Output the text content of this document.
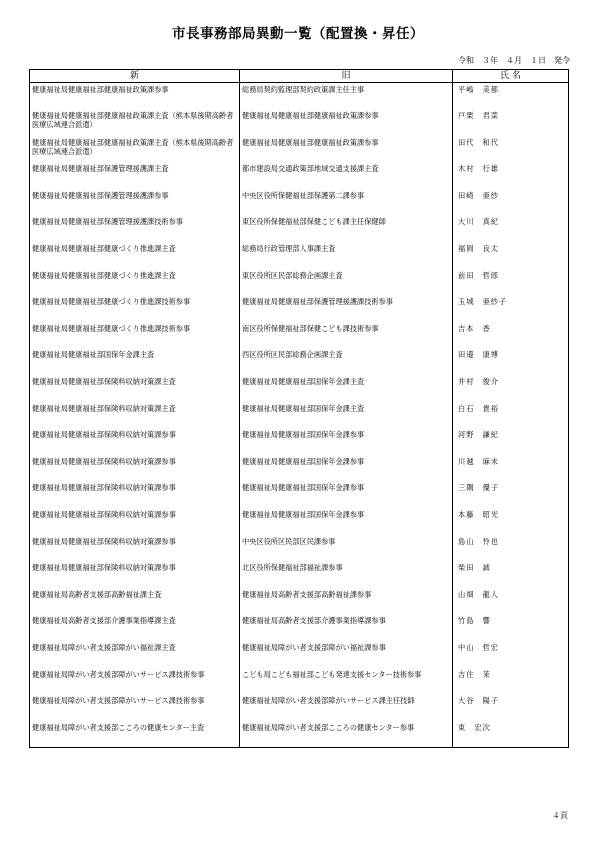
市長事務部局異動一覧（配置換・昇任）
令和　３年　４月　１日　発令
新	旧	氏 名
健康福祉局健康福祉部健康福祉政策課参事	総務局契約監理部契約政策課主任主事	平嶋　美都
健康福祉局健康福祉部健康福祉政策課主査（熊本県後期高齢者医療広域連合派遣）	健康福祉局健康福祉部健康福祉政策課参事	戸栗　君菜
健康福祉局健康福祉部健康福祉政策課主査（熊本県後期高齢者医療広域連合派遣）	健康福祉局健康福祉部健康福祉政策課参事	田代　和代
健康福祉局健康福祉部保護管理援護課主査	都市建設局交通政策部地域交通支援課主査	木村　行雄
健康福祉局健康福祉部保護管理援護課参事	中央区役所保健福祉部保護第二課参事	田崎　亜紗
健康福祉局健康福祉部保護管理援護課技術参事	東区役所保健福祉部保健こども課主任保健師	大川　真紀
健康福祉局健康福祉部健康づくり推進課主査	総務局行政管理部人事課主査	福岡　良太
健康福祉局健康福祉部健康づくり推進課主査	東区役所区民部総務企画課主査	前田　哲郎
健康福祉局健康福祉部健康づくり推進課技術参事	健康福祉局健康福祉部保護管理援護課技術参事	玉城　亜紗子
健康福祉局健康福祉部健康づくり推進課技術参事	南区役所保健福祉部保健こども課技術参事	吉本　香
健康福祉局健康福祉部国保年金課主査	西区役所区民部総務企画課主査	田邉　康博
健康福祉局健康福祉部保険料収納対策課主査	健康福祉局健康福祉部国保年金課主査	井村　俊介
健康福祉局健康福祉部保険料収納対策課主査	健康福祉局健康福祉部国保年金課主査	白石　貴裕
健康福祉局健康福祉部保険料収納対策課参事	健康福祉局健康福祉部国保年金課参事	河野　謙紀
健康福祉局健康福祉部保険料収納対策課参事	健康福祉局健康福祉部国保年金課参事	川越　麻未
健康福祉局健康福祉部保険料収納対策課参事	健康福祉局健康福祉部国保年金課参事	三隅　優子
健康福祉局健康福祉部保険料収納対策課参事	健康福祉局健康福祉部国保年金課参事	本藤　昭光
健康福祉局健康福祉部保険料収納対策課参事	中央区役所区民部区民課参事	島山　怜也
健康福祉局健康福祉部保険料収納対策課参事	北区役所保健福祉部福祉課参事	柴田　誠
健康福祉局高齢者支援部高齢福祉課主査	健康福祉局高齢者支援部高齢福祉課参事	山畑　龍人
健康福祉局高齢者支援部介護事業指導課主査	健康福祉局高齢者支援部介護事業指導課参事	竹島　響
健康福祉局障がい者支援部障がい福祉課主査	健康福祉局障がい者支援部障がい福祉課参事	中山　哲宏
健康福祉局障がい者支援部障がいサービス課技術参事	こども局こども福祉部こども発達支援センター技術参事	吉住　茉
健康福祉局障がい者支援部障がいサービス課技術参事	健康福祉局障がい者支援部障がいサービス課主任技師	大谷　陽子
健康福祉局障がい者支援部こころの健康センター主査	健康福祉局障がい者支援部こころの健康センター参事	東　宏次
４頁
